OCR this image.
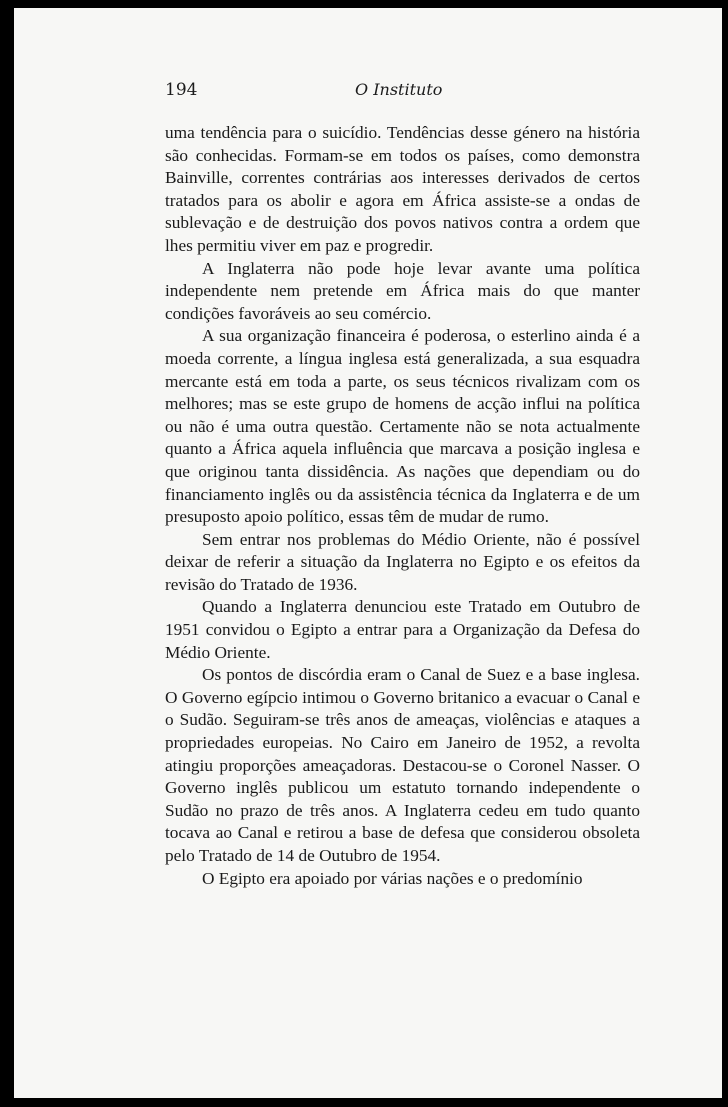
194	O Instituto

uma tendência para o suicídio. Tendências desse género na história são conhecidas. Formam-se em todos os países, como demonstra Bainville, correntes contrárias aos interesses derivados de certos tratados para os abolir e agora em África assiste-se a ondas de sublevação e de destruição dos povos nativos contra a ordem que lhes permitiu viver em paz e progredir.

A Inglaterra não pode hoje levar avante uma política independente nem pretende em África mais do que manter condições favoráveis ao seu comércio.

A sua organização financeira é poderosa, o esterlino ainda é a moeda corrente, a língua inglesa está generalizada, a sua esquadra mercante está em toda a parte, os seus técnicos rivalizam com os melhores; mas se este grupo de homens de acção influi na política ou não é uma outra questão. Certamente não se nota actualmente quanto a África aquela influência que marcava a posição inglesa e que originou tanta dissidência. As nações que dependiam ou do financiamento inglês ou da assistência técnica da Inglaterra e de um presuposto apoio político, essas têm de mudar de rumo.

Sem entrar nos problemas do Médio Oriente, não é possível deixar de referir a situação da Inglaterra no Egipto e os efeitos da revisão do Tratado de 1936.

Quando a Inglaterra denunciou este Tratado em Outubro de 1951 convidou o Egipto a entrar para a Organização da Defesa do Médio Oriente.

Os pontos de discórdia eram o Canal de Suez e a base inglesa. O Governo egípcio intimou o Governo britanico a evacuar o Canal e o Sudão. Seguiram-se três anos de ameaças, violências e ataques a propriedades europeias. No Cairo em Janeiro de 1952, a revolta atingiu proporções ameaçadoras. Destacou-se o Coronel Nasser. O Governo inglês publicou um estatuto tornando independente o Sudão no prazo de três anos. A Inglaterra cedeu em tudo quanto tocava ao Canal e retirou a base de defesa que considerou obsoleta pelo Tratado de 14 de Outubro de 1954.

O Egipto era apoiado por várias nações e o predomínio
